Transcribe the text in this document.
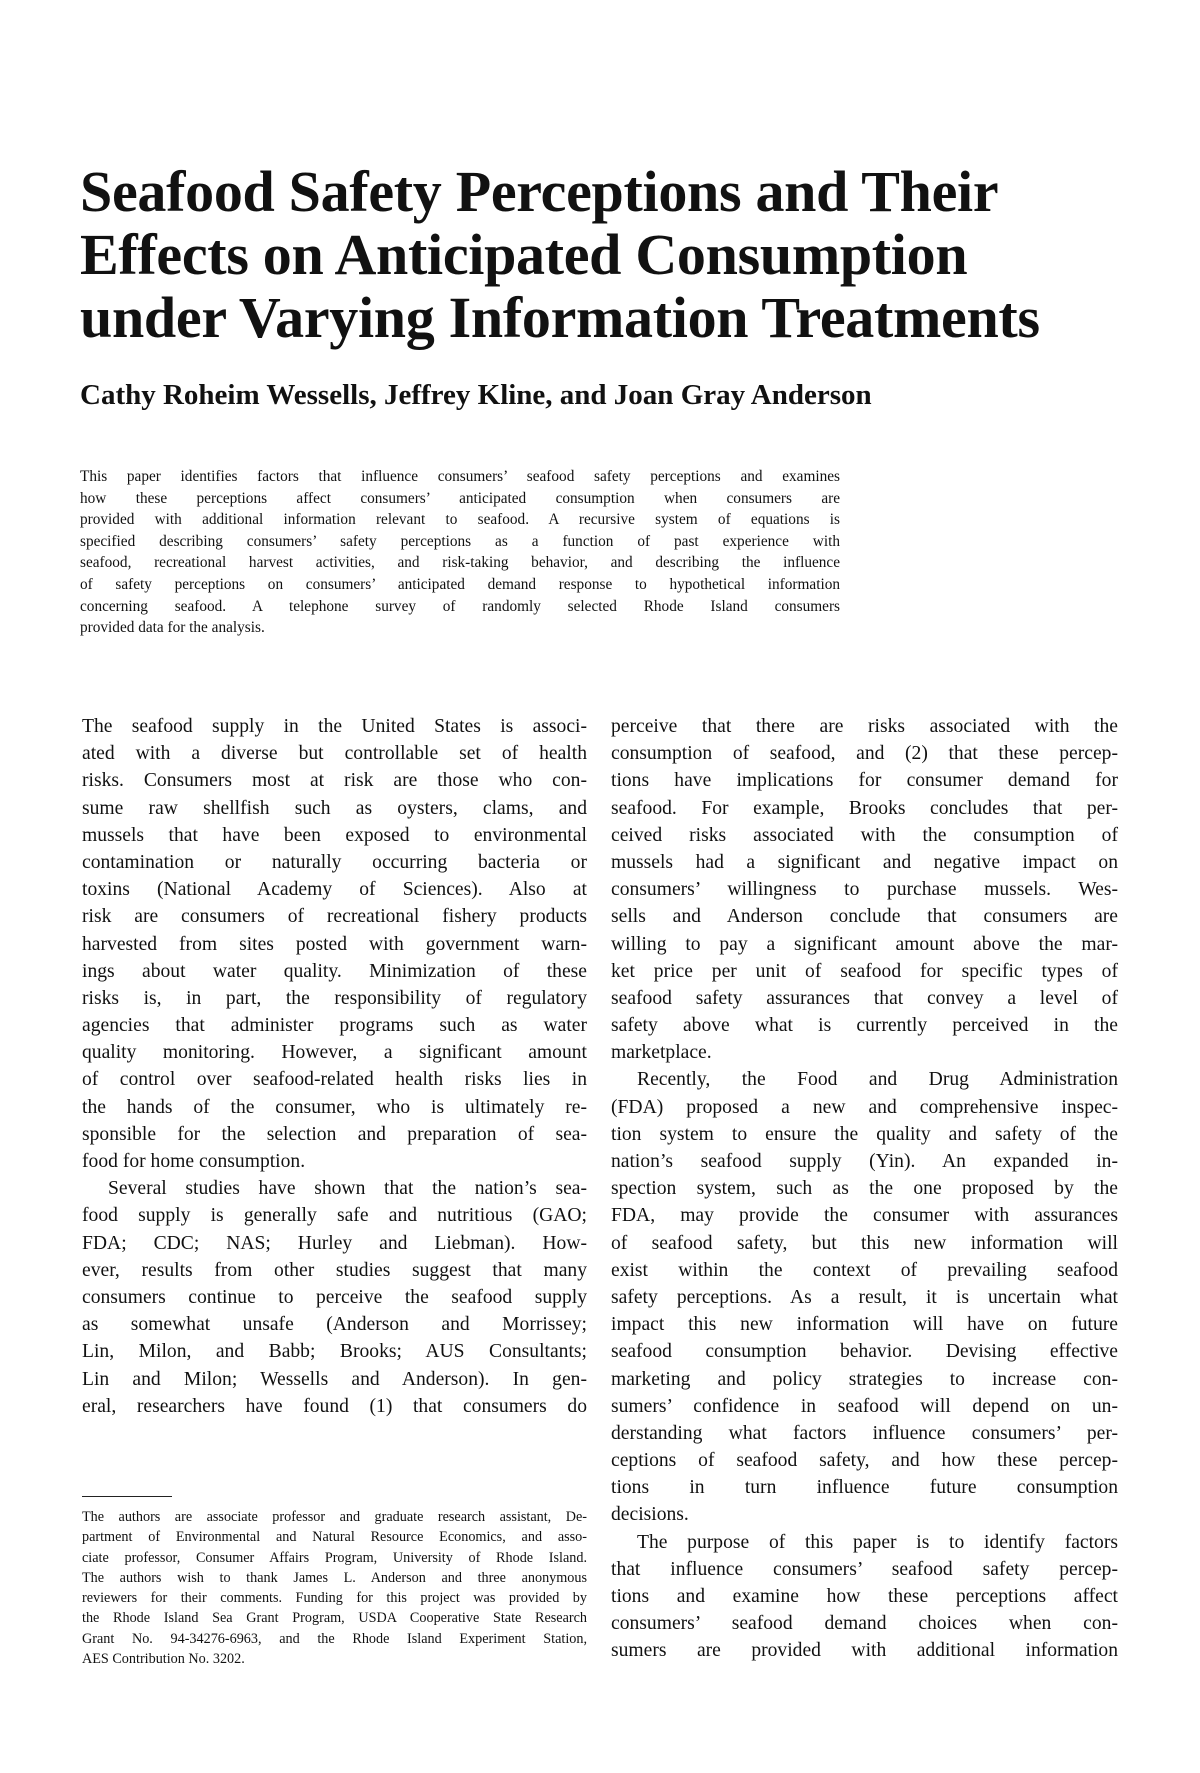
Seafood Safety Perceptions and Their
Effects on Anticipated Consumption
under Varying Information Treatments
Cathy Roheim Wessells, Jeffrey Kline, and Joan Gray Anderson
This paper identifies factors that influence consumers’ seafood safety perceptions and examines
how these perceptions affect consumers’ anticipated consumption when consumers are
provided with additional information relevant to seafood. A recursive system of equations is
specified describing consumers’ safety perceptions as a function of past experience with
seafood, recreational harvest activities, and risk-taking behavior, and describing the influence
of safety perceptions on consumers’ anticipated demand response to hypothetical information
concerning seafood. A telephone survey of randomly selected Rhode Island consumers
provided data for the analysis.
The seafood supply in the United States is associ-
ated with a diverse but controllable set of health
risks. Consumers most at risk are those who con-
sume raw shellfish such as oysters, clams, and
mussels that have been exposed to environmental
contamination or naturally occurring bacteria or
toxins (National Academy of Sciences). Also at
risk are consumers of recreational fishery products
harvested from sites posted with government warn-
ings about water quality. Minimization of these
risks is, in part, the responsibility of regulatory
agencies that administer programs such as water
quality monitoring. However, a significant amount
of control over seafood-related health risks lies in
the hands of the consumer, who is ultimately re-
sponsible for the selection and preparation of sea-
food for home consumption.
Several studies have shown that the nation’s sea-
food supply is generally safe and nutritious (GAO;
FDA; CDC; NAS; Hurley and Liebman). How-
ever, results from other studies suggest that many
consumers continue to perceive the seafood supply
as somewhat unsafe (Anderson and Morrissey;
Lin, Milon, and Babb; Brooks; AUS Consultants;
Lin and Milon; Wessells and Anderson). In gen-
eral, researchers have found (1) that consumers do
perceive that there are risks associated with the
consumption of seafood, and (2) that these percep-
tions have implications for consumer demand for
seafood. For example, Brooks concludes that per-
ceived risks associated with the consumption of
mussels had a significant and negative impact on
consumers’ willingness to purchase mussels. Wes-
sells and Anderson conclude that consumers are
willing to pay a significant amount above the mar-
ket price per unit of seafood for specific types of
seafood safety assurances that convey a level of
safety above what is currently perceived in the
marketplace.
Recently, the Food and Drug Administration
(FDA) proposed a new and comprehensive inspec-
tion system to ensure the quality and safety of the
nation’s seafood supply (Yin). An expanded in-
spection system, such as the one proposed by the
FDA, may provide the consumer with assurances
of seafood safety, but this new information will
exist within the context of prevailing seafood
safety perceptions. As a result, it is uncertain what
impact this new information will have on future
seafood consumption behavior. Devising effective
marketing and policy strategies to increase con-
sumers’ confidence in seafood will depend on un-
derstanding what factors influence consumers’ per-
ceptions of seafood safety, and how these percep-
tions in turn influence future consumption
decisions.
The purpose of this paper is to identify factors
that influence consumers’ seafood safety percep-
tions and examine how these perceptions affect
consumers’ seafood demand choices when con-
sumers are provided with additional information
The authors are associate professor and graduate research assistant, De-
partment of Environmental and Natural Resource Economics, and asso-
ciate professor, Consumer Affairs Program, University of Rhode Island.
The authors wish to thank James L. Anderson and three anonymous
reviewers for their comments. Funding for this project was provided by
the Rhode Island Sea Grant Program, USDA Cooperative State Research
Grant No. 94-34276-6963, and the Rhode Island Experiment Station,
AES Contribution No. 3202.
